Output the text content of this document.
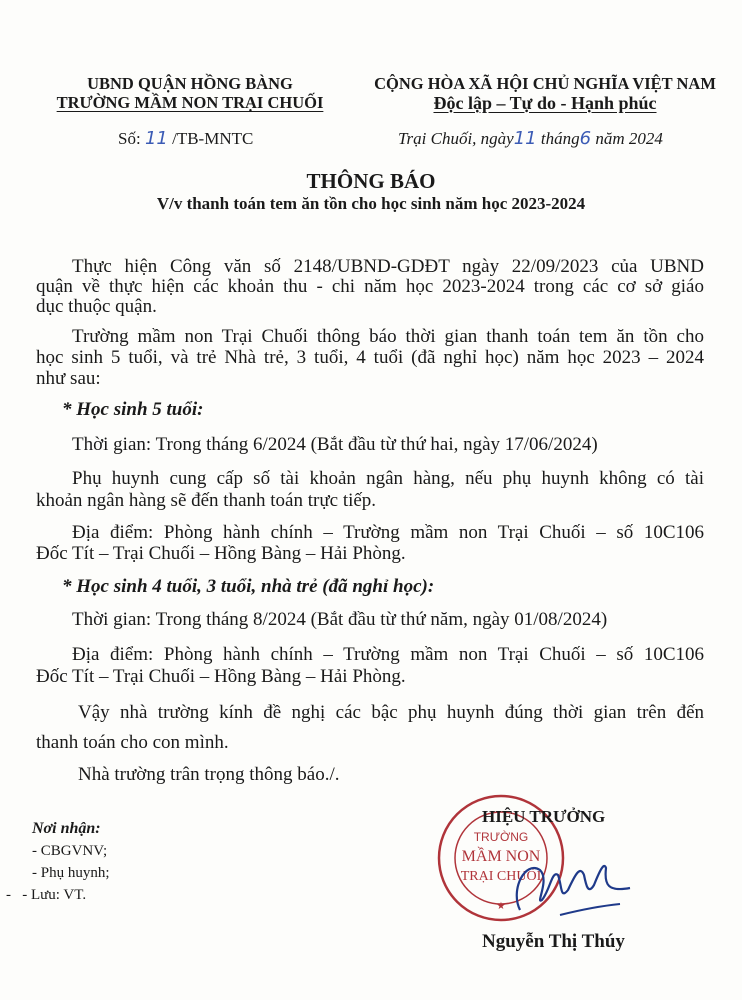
UBND QUẬN HỒNG BÀNG
TRƯỜNG MẦM NON TRẠI CHUỐI
CỘNG HÒA XÃ HỘI CHỦ NGHĨA VIỆT NAM
Độc lập – Tự do - Hạnh phúc
Số: 11 /TB-MNTC	Trại Chuối, ngày11 tháng6 năm 2024
THÔNG BÁO
V/v thanh toán tem ăn tồn cho học sinh năm học 2023-2024
Thực hiện Công văn số 2148/UBND-GDĐT ngày 22/09/2023 của UBND
quận về thực hiện các khoản thu - chi năm học 2023-2024 trong các cơ sở giáo
dục thuộc quận.
Trường mầm non Trại Chuối thông báo thời gian thanh toán tem ăn tồn cho
học sinh 5 tuổi, và trẻ Nhà trẻ, 3 tuổi, 4 tuổi (đã nghỉ học) năm học 2023 – 2024
như sau:
* Học sinh 5 tuổi:
Thời gian: Trong tháng 6/2024 (Bắt đầu từ thứ hai, ngày 17/06/2024)
Phụ huynh cung cấp số tài khoản ngân hàng, nếu phụ huynh không có tài
khoản ngân hàng sẽ đến thanh toán trực tiếp.
Địa điểm: Phòng hành chính – Trường mầm non Trại Chuối – số 10C106
Đốc Tít – Trại Chuối – Hồng Bàng – Hải Phòng.
* Học sinh 4 tuổi, 3 tuổi, nhà trẻ (đã nghỉ học):
Thời gian: Trong tháng 8/2024 (Bắt đầu từ thứ năm, ngày 01/08/2024)
Địa điểm: Phòng hành chính – Trường mầm non Trại Chuối – số 10C106
Đốc Tít – Trại Chuối – Hồng Bàng – Hải Phòng.
Vậy nhà trường kính đề nghị các bậc phụ huynh đúng thời gian trên đến
thanh toán cho con mình.
Nhà trường trân trọng thông báo./.
Nơi nhận:
- CBGVNV;
- Phụ huynh;
-   - Lưu: VT.
TRƯỜNG
MẦM NON
TRẠI CHUỐI
★
HIỆU TRƯỞNG
Nguyễn Thị Thúy
